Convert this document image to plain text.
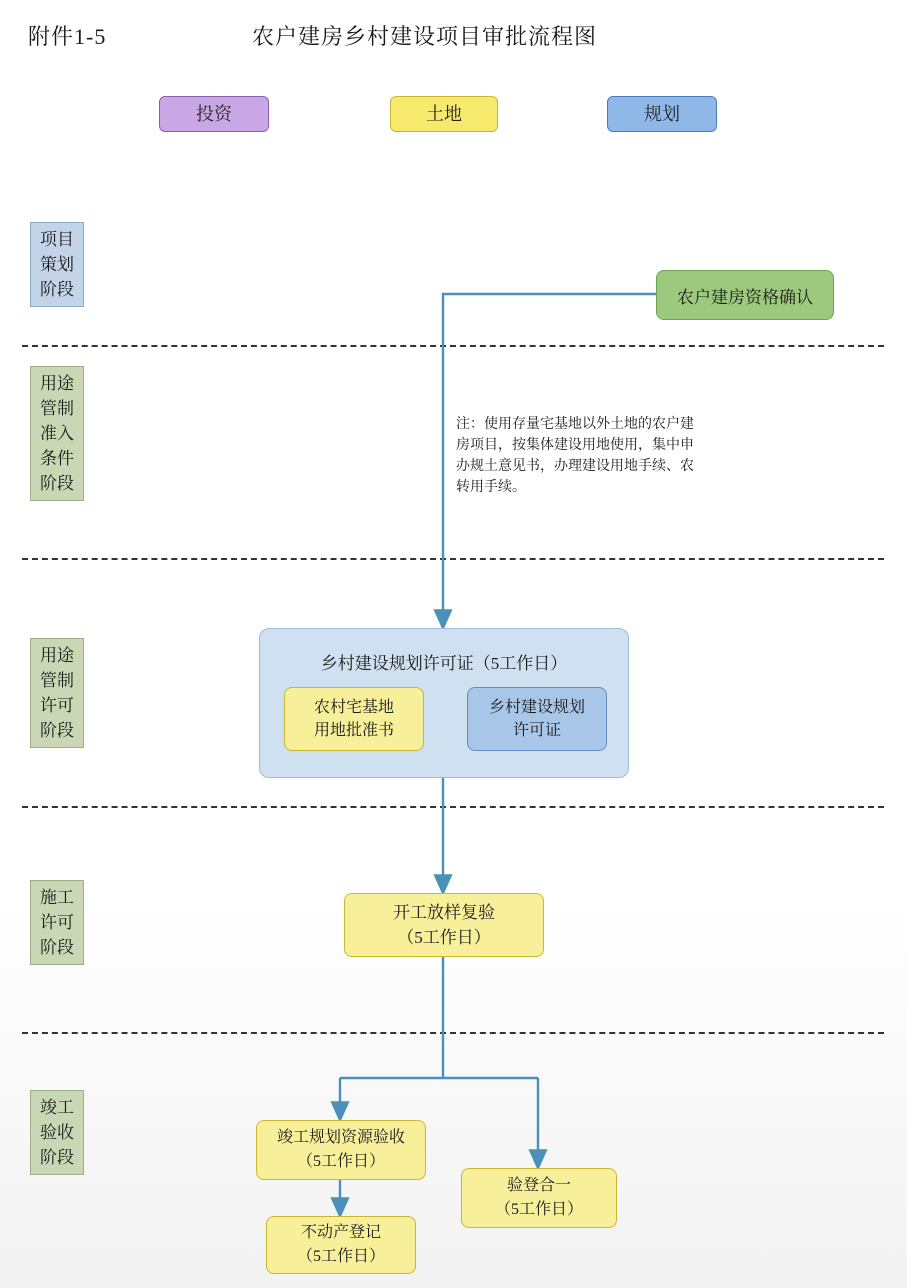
附件1-5	农户建房乡村建设项目审批流程图
投资	土地	规划
项目 策划 阶段
用途 管制 准入 条件 阶段
用途 管制 许可 阶段
施工 许可 阶段
竣工 验收 阶段
农户建房资格确认
注：使用存量宅基地以外土地的农户建房项目，按集体建设用地使用，集中申办规土意见书，办理建设用地手续、农转用手续。
乡村建设规划许可证（5工作日）
农村宅基地
用地批准书
乡村建设规划
许可证
开工放样复验
（5工作日）
竣工规划资源验收
（5工作日）
验登合一
（5工作日）
不动产登记
（5工作日）
